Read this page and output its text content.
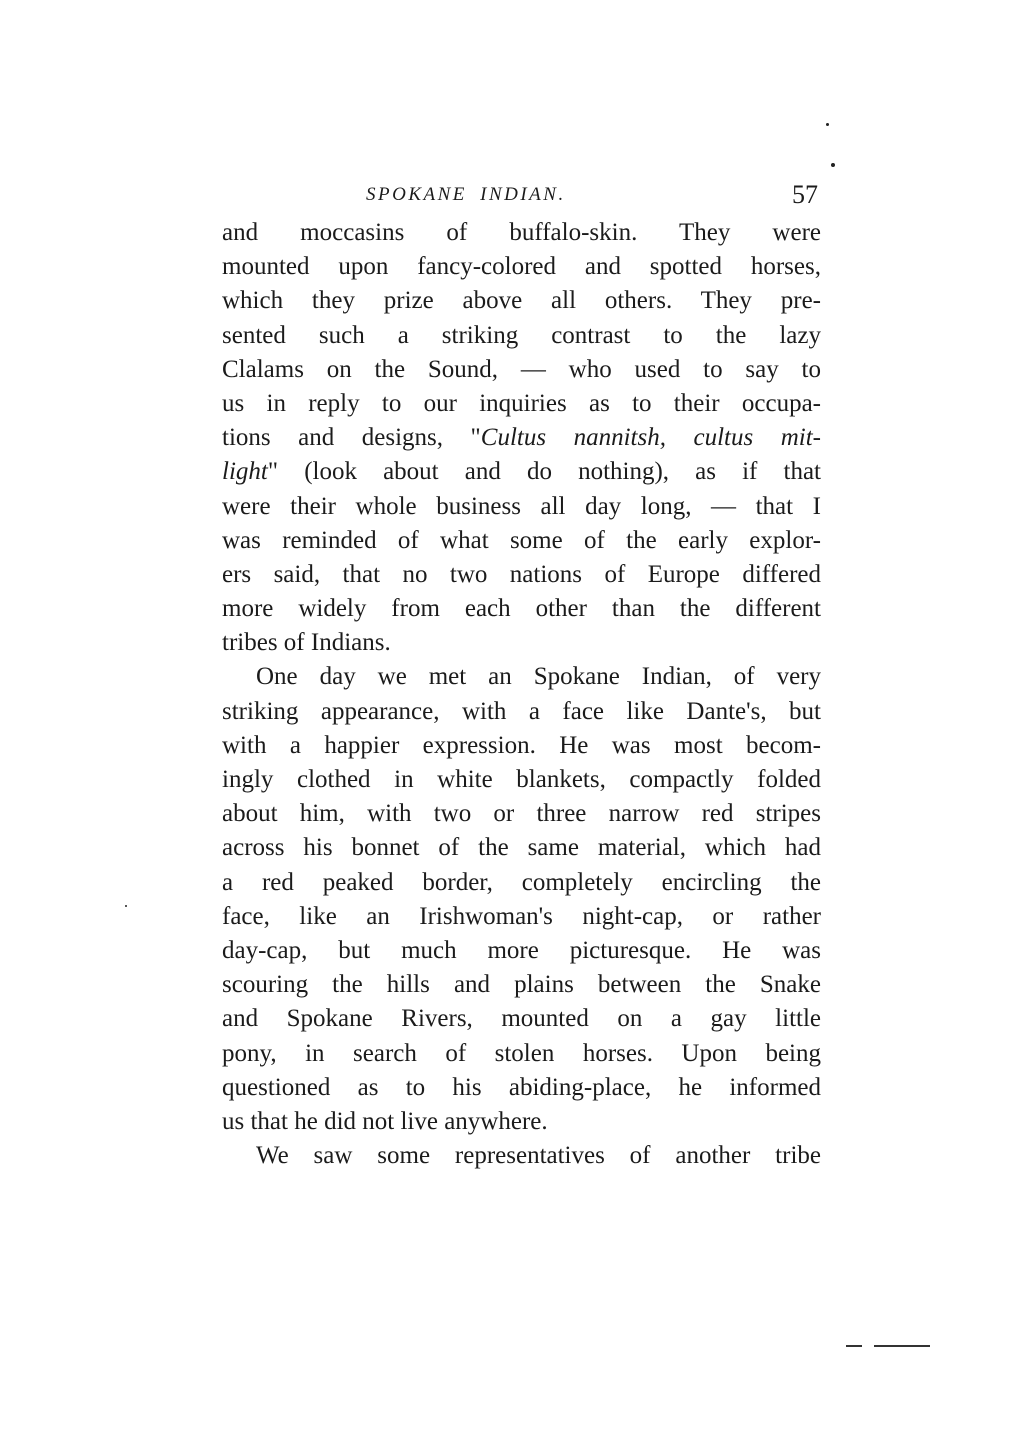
SPOKANE INDIAN.	57
and moccasins of buffalo-skin. They were
mounted upon fancy-colored and spotted horses,
which they prize above all others. They pre-
sented such a striking contrast to the lazy
Clalams on the Sound, — who used to say to
us in reply to our inquiries as to their occupa-
tions and designs, "Cultus nannitsh, cultus mit-
light" (look about and do nothing), as if that
were their whole business all day long, — that I
was reminded of what some of the early explor-
ers said, that no two nations of Europe differed
more widely from each other than the different
tribes of Indians.
One day we met an Spokane Indian, of very
striking appearance, with a face like Dante's, but
with a happier expression. He was most becom-
ingly clothed in white blankets, compactly folded
about him, with two or three narrow red stripes
across his bonnet of the same material, which had
a red peaked border, completely encircling the
face, like an Irishwoman's night-cap, or rather
day-cap, but much more picturesque. He was
scouring the hills and plains between the Snake
and Spokane Rivers, mounted on a gay little
pony, in search of stolen horses. Upon being
questioned as to his abiding-place, he informed
us that he did not live anywhere.
We saw some representatives of another tribe
